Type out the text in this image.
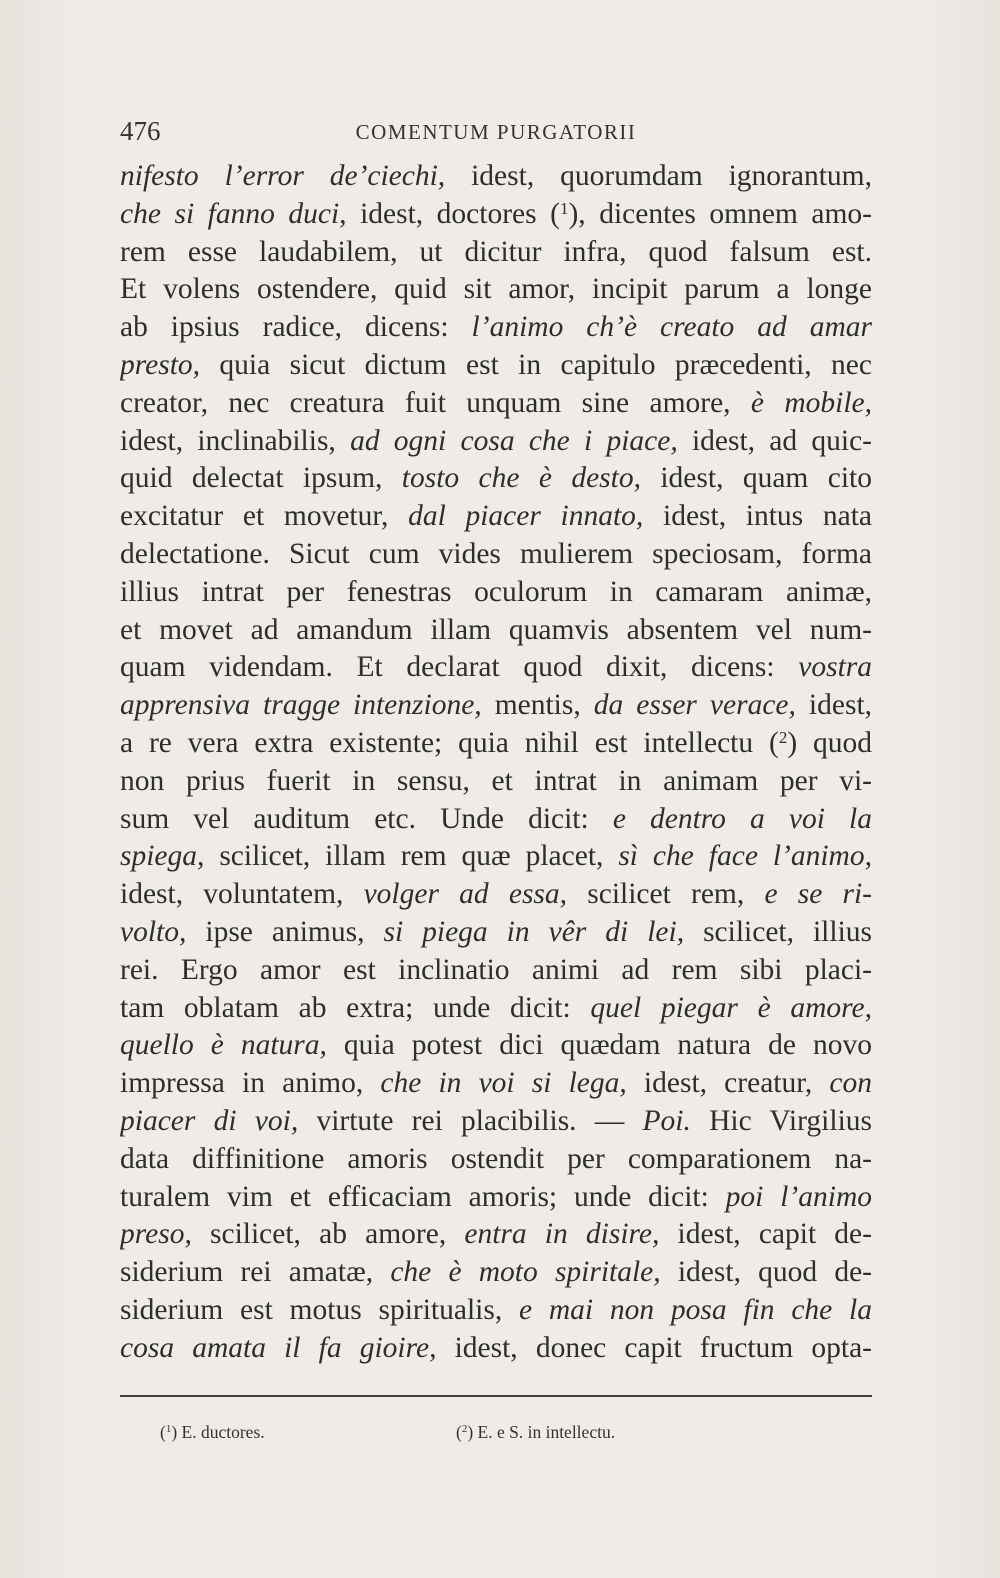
476	COMENTUM PURGATORII
nifesto l’error de’ciechi, idest, quorumdam ignorantum,
che si fanno duci, idest, doctores ($^1$), dicentes omnem amo-
rem esse laudabilem, ut dicitur infra, quod falsum est.
Et volens ostendere, quid sit amor, incipit parum a longe
ab ipsius radice, dicens: l’animo ch’è creato ad amar
presto, quia sicut dictum est in capitulo præcedenti, nec
creator, nec creatura fuit unquam sine amore, è mobile,
idest, inclinabilis, ad ogni cosa che i piace, idest, ad quic-
quid delectat ipsum, tosto che è desto, idest, quam cito
excitatur et movetur, dal piacer innato, idest, intus nata
delectatione. Sicut cum vides mulierem speciosam, forma
illius intrat per fenestras oculorum in camaram animæ,
et movet ad amandum illam quamvis absentem vel num-
quam videndam. Et declarat quod dixit, dicens: vostra
apprensiva tragge intenzione, mentis, da esser verace, idest,
a re vera extra existente; quia nihil est intellectu ($^2$) quod
non prius fuerit in sensu, et intrat in animam per vi-
sum vel auditum etc. Unde dicit: e dentro a voi la
spiega, scilicet, illam rem quæ placet, sì che face l’animo,
idest, voluntatem, volger ad essa, scilicet rem, e se ri-
volto, ipse animus, si piega in vêr di lei, scilicet, illius
rei. Ergo amor est inclinatio animi ad rem sibi placi-
tam oblatam ab extra; unde dicit: quel piegar è amore,
quello è natura, quia potest dici quædam natura de novo
impressa in animo, che in voi si lega, idest, creatur, con
piacer di voi, virtute rei placibilis. — Poi. Hic Virgilius
data diffinitione amoris ostendit per comparationem na-
turalem vim et efficaciam amoris; unde dicit: poi l’animo
preso, scilicet, ab amore, entra in disire, idest, capit de-
siderium rei amatæ, che è moto spiritale, idest, quod de-
siderium est motus spiritualis, e mai non posa fin che la
cosa amata il fa gioire, idest, donec capit fructum opta-
($^1$) E. ductores.	($^2$) E. e S. in intellectu.
